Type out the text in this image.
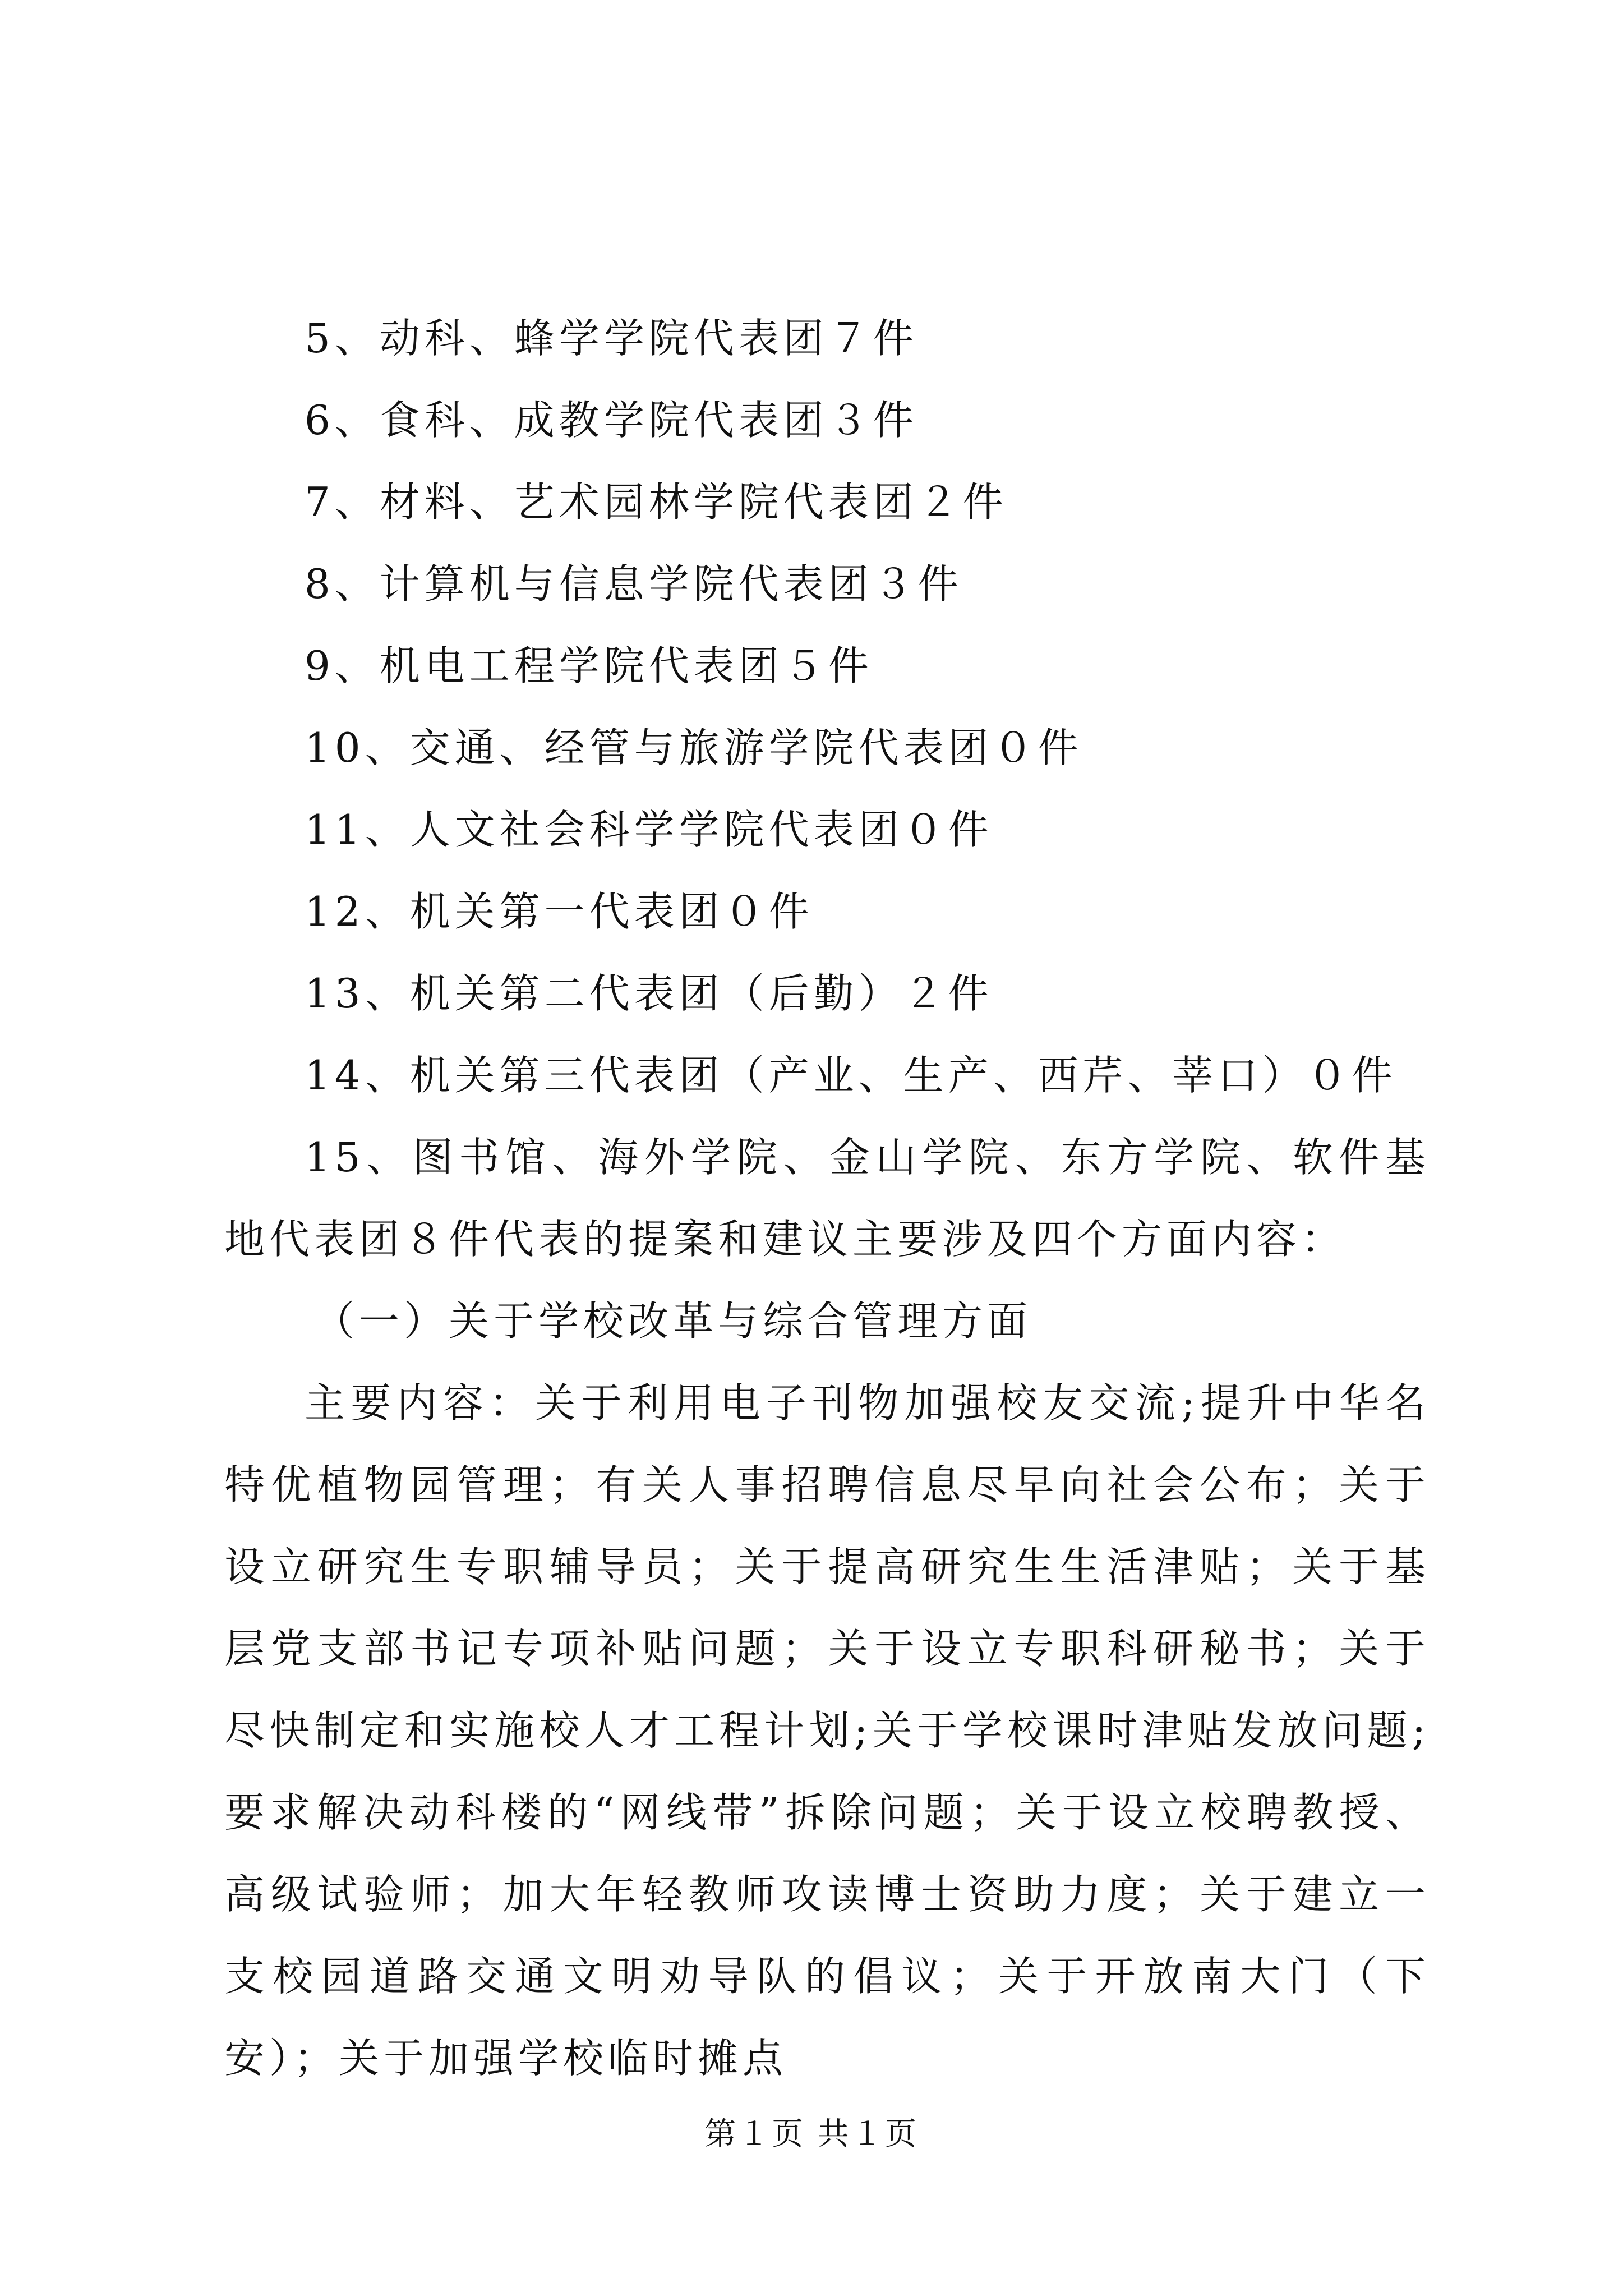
5、动科、蜂学学院代表团７件
6、食科、成教学院代表团３件
7、材料、艺术园林学院代表团２件
8、计算机与信息学院代表团３件
9、机电工程学院代表团５件
10、交通、经管与旅游学院代表团０件
11、人文社会科学学院代表团０件
12、机关第一代表团０件
13、机关第二代表团（后勤）２件
14、机关第三代表团（产业、生产、西芹、莘口）０件
15、图书馆、海外学院、金山学院、东方学院、软件基地代表团８件代表的提案和建议主要涉及四个方面内容：
（一）关于学校改革与综合管理方面
主要内容：关于利用电子刊物加强校友交流;提升中华名特优植物园管理；有关人事招聘信息尽早向社会公布；关于设立研究生专职辅导员；关于提高研究生生活津贴；关于基层党支部书记专项补贴问题；关于设立专职科研秘书；关于尽快制定和实施校人才工程计划;关于学校课时津贴发放问题;要求解决动科楼的“网线带”拆除问题；关于设立校聘教授、高级试验师；加大年轻教师攻读博士资助力度；关于建立一支校园道路交通文明劝导队的倡议；关于开放南大门（下安）；关于加强学校临时摊点
第１页 共１页
